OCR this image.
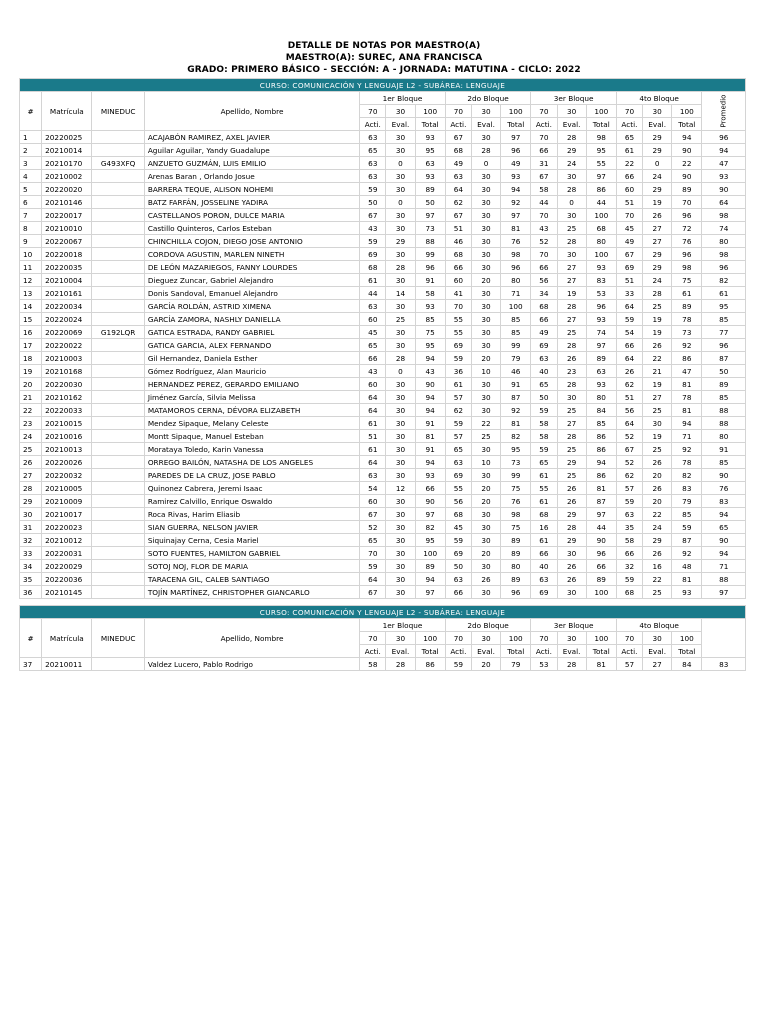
DETALLE DE NOTAS POR MAESTRO(A)
MAESTRO(A): SUREC, ANA FRANCISCA
GRADO: PRIMERO BÁSICO - SECCIÓN: A - JORNADA: MATUTINA - CICLO: 2022
CURSO: COMUNICACIÓN Y LENGUAJE L2 - SUBÁREA: LENGUAJE																
#	Matrícula	MINEDUC	Apellido, Nombre	1er Bloque			2do Bloque			3er Bloque			4to Bloque			Promedio

				70	30	100	70	30	100	70	30	100	70	30	100	
				Acti.	Eval.	Total	Acti.	Eval.	Total	Acti.	Eval.	Total	Acti.	Eval.	Total	
1	20220025		ACAJABÓN RAMIREZ, AXEL JAVIER	63	30	93	67	30	97	70	28	98	65	29	94	96
2	20210014		Aguilar Aguilar, Yandy Guadalupe	65	30	95	68	28	96	66	29	95	61	29	90	94
3	20210170	G493XFQ	ANZUETO GUZMÁN, LUIS EMILIO	63	0	63	49	0	49	31	24	55	22	0	22	47
4	20210002		Arenas Baran , Orlando Josue	63	30	93	63	30	93	67	30	97	66	24	90	93
5	20220020		BARRERA TEQUE, ALISON NOHEMI	59	30	89	64	30	94	58	28	86	60	29	89	90
6	20210146		BATZ FARFÁN, JOSSELINE YADIRA	50	0	50	62	30	92	44	0	44	51	19	70	64
7	20220017		CASTELLANOS PORON, DULCE MARIA	67	30	97	67	30	97	70	30	100	70	26	96	98
8	20210010		Castillo Quinteros, Carlos Esteban	43	30	73	51	30	81	43	25	68	45	27	72	74
9	20220067		CHINCHILLA COJON, DIEGO JOSE ANTONIO	59	29	88	46	30	76	52	28	80	49	27	76	80
10	20220018		CORDOVA AGUSTIN, MARLEN NINETH	69	30	99	68	30	98	70	30	100	67	29	96	98
11	20220035		DE LEÓN MAZARIEGOS, FANNY LOURDES	68	28	96	66	30	96	66	27	93	69	29	98	96
12	20210004		Dieguez Zuncar, Gabriel Alejandro	61	30	91	60	20	80	56	27	83	51	24	75	82
13	20210161		Donis Sandoval, Emanuel Alejandro	44	14	58	41	30	71	34	19	53	33	28	61	61
14	20220034		GARCÍA ROLDÁN, ASTRID XIMENA	63	30	93	70	30	100	68	28	96	64	25	89	95
15	20220024		GARCÍA ZAMORA, NASHLY DANIELLA	60	25	85	55	30	85	66	27	93	59	19	78	85
16	20220069	G192LQR	GATICA ESTRADA, RANDY GABRIEL	45	30	75	55	30	85	49	25	74	54	19	73	77
17	20220022		GATICA GARCIA, ALEX FERNANDO	65	30	95	69	30	99	69	28	97	66	26	92	96
18	20210003		Gil Hernandez, Daniela Esther	66	28	94	59	20	79	63	26	89	64	22	86	87
19	20210168		Gómez Rodríguez, Alan Mauricio	43	0	43	36	10	46	40	23	63	26	21	47	50
20	20220030		HERNANDEZ PEREZ, GERARDO EMILIANO	60	30	90	61	30	91	65	28	93	62	19	81	89
21	20210162		Jiménez García, Silvia Melissa	64	30	94	57	30	87	50	30	80	51	27	78	85
22	20220033		MATAMOROS CERNA, DÉVORA ELIZABETH	64	30	94	62	30	92	59	25	84	56	25	81	88
23	20210015		Mendez Sipaque, Melany Celeste	61	30	91	59	22	81	58	27	85	64	30	94	88
24	20210016		Montt Sipaque, Manuel Esteban	51	30	81	57	25	82	58	28	86	52	19	71	80
25	20210013		Morataya Toledo, Karin Vanessa	61	30	91	65	30	95	59	25	86	67	25	92	91
26	20220026		ORREGO BAILÓN, NATASHA DE LOS ANGELES	64	30	94	63	10	73	65	29	94	52	26	78	85
27	20220032		PAREDES DE LA CRUZ, JOSE PABLO	63	30	93	69	30	99	61	25	86	62	20	82	90
28	20210005		Quinonez Cabrera, Jeremi Isaac	54	12	66	55	20	75	55	26	81	57	26	83	76
29	20210009		Ramirez Calvillo, Enrique Oswaldo	60	30	90	56	20	76	61	26	87	59	20	79	83
30	20210017		Roca Rivas, Harim Eliasib	67	30	97	68	30	98	68	29	97	63	22	85	94
31	20220023		SIAN GUERRA, NELSON JAVIER	52	30	82	45	30	75	16	28	44	35	24	59	65
32	20210012		Siquinajay Cerna, Cesia Mariel	65	30	95	59	30	89	61	29	90	58	29	87	90
33	20220031		SOTO FUENTES, HAMILTON GABRIEL	70	30	100	69	20	89	66	30	96	66	26	92	94
34	20220029		SOTOJ NOJ, FLOR DE MARIA	59	30	89	50	30	80	40	26	66	32	16	48	71
35	20220036		TARACENA GIL, CALEB SANTIAGO	64	30	94	63	26	89	63	26	89	59	22	81	88
36	20210145		TOJÍN MARTÍNEZ, CHRISTOPHER GIANCARLO	67	30	97	66	30	96	69	30	100	68	25	93	97
CURSO: COMUNICACIÓN Y LENGUAJE L2 - SUBÁREA: LENGUAJE																
#	Matrícula	MINEDUC	Apellido, Nombre	1er Bloque			2do Bloque			3er Bloque			4to Bloque			
				70	30	100	70	30	100	70	30	100	70	30	100	
				Acti.	Eval.	Total	Acti.	Eval.	Total	Acti.	Eval.	Total	Acti.	Eval.	Total	
37	20210011		Valdez Lucero, Pablo Rodrigo	58	28	86	59	20	79	53	28	81	57	27	84	83
